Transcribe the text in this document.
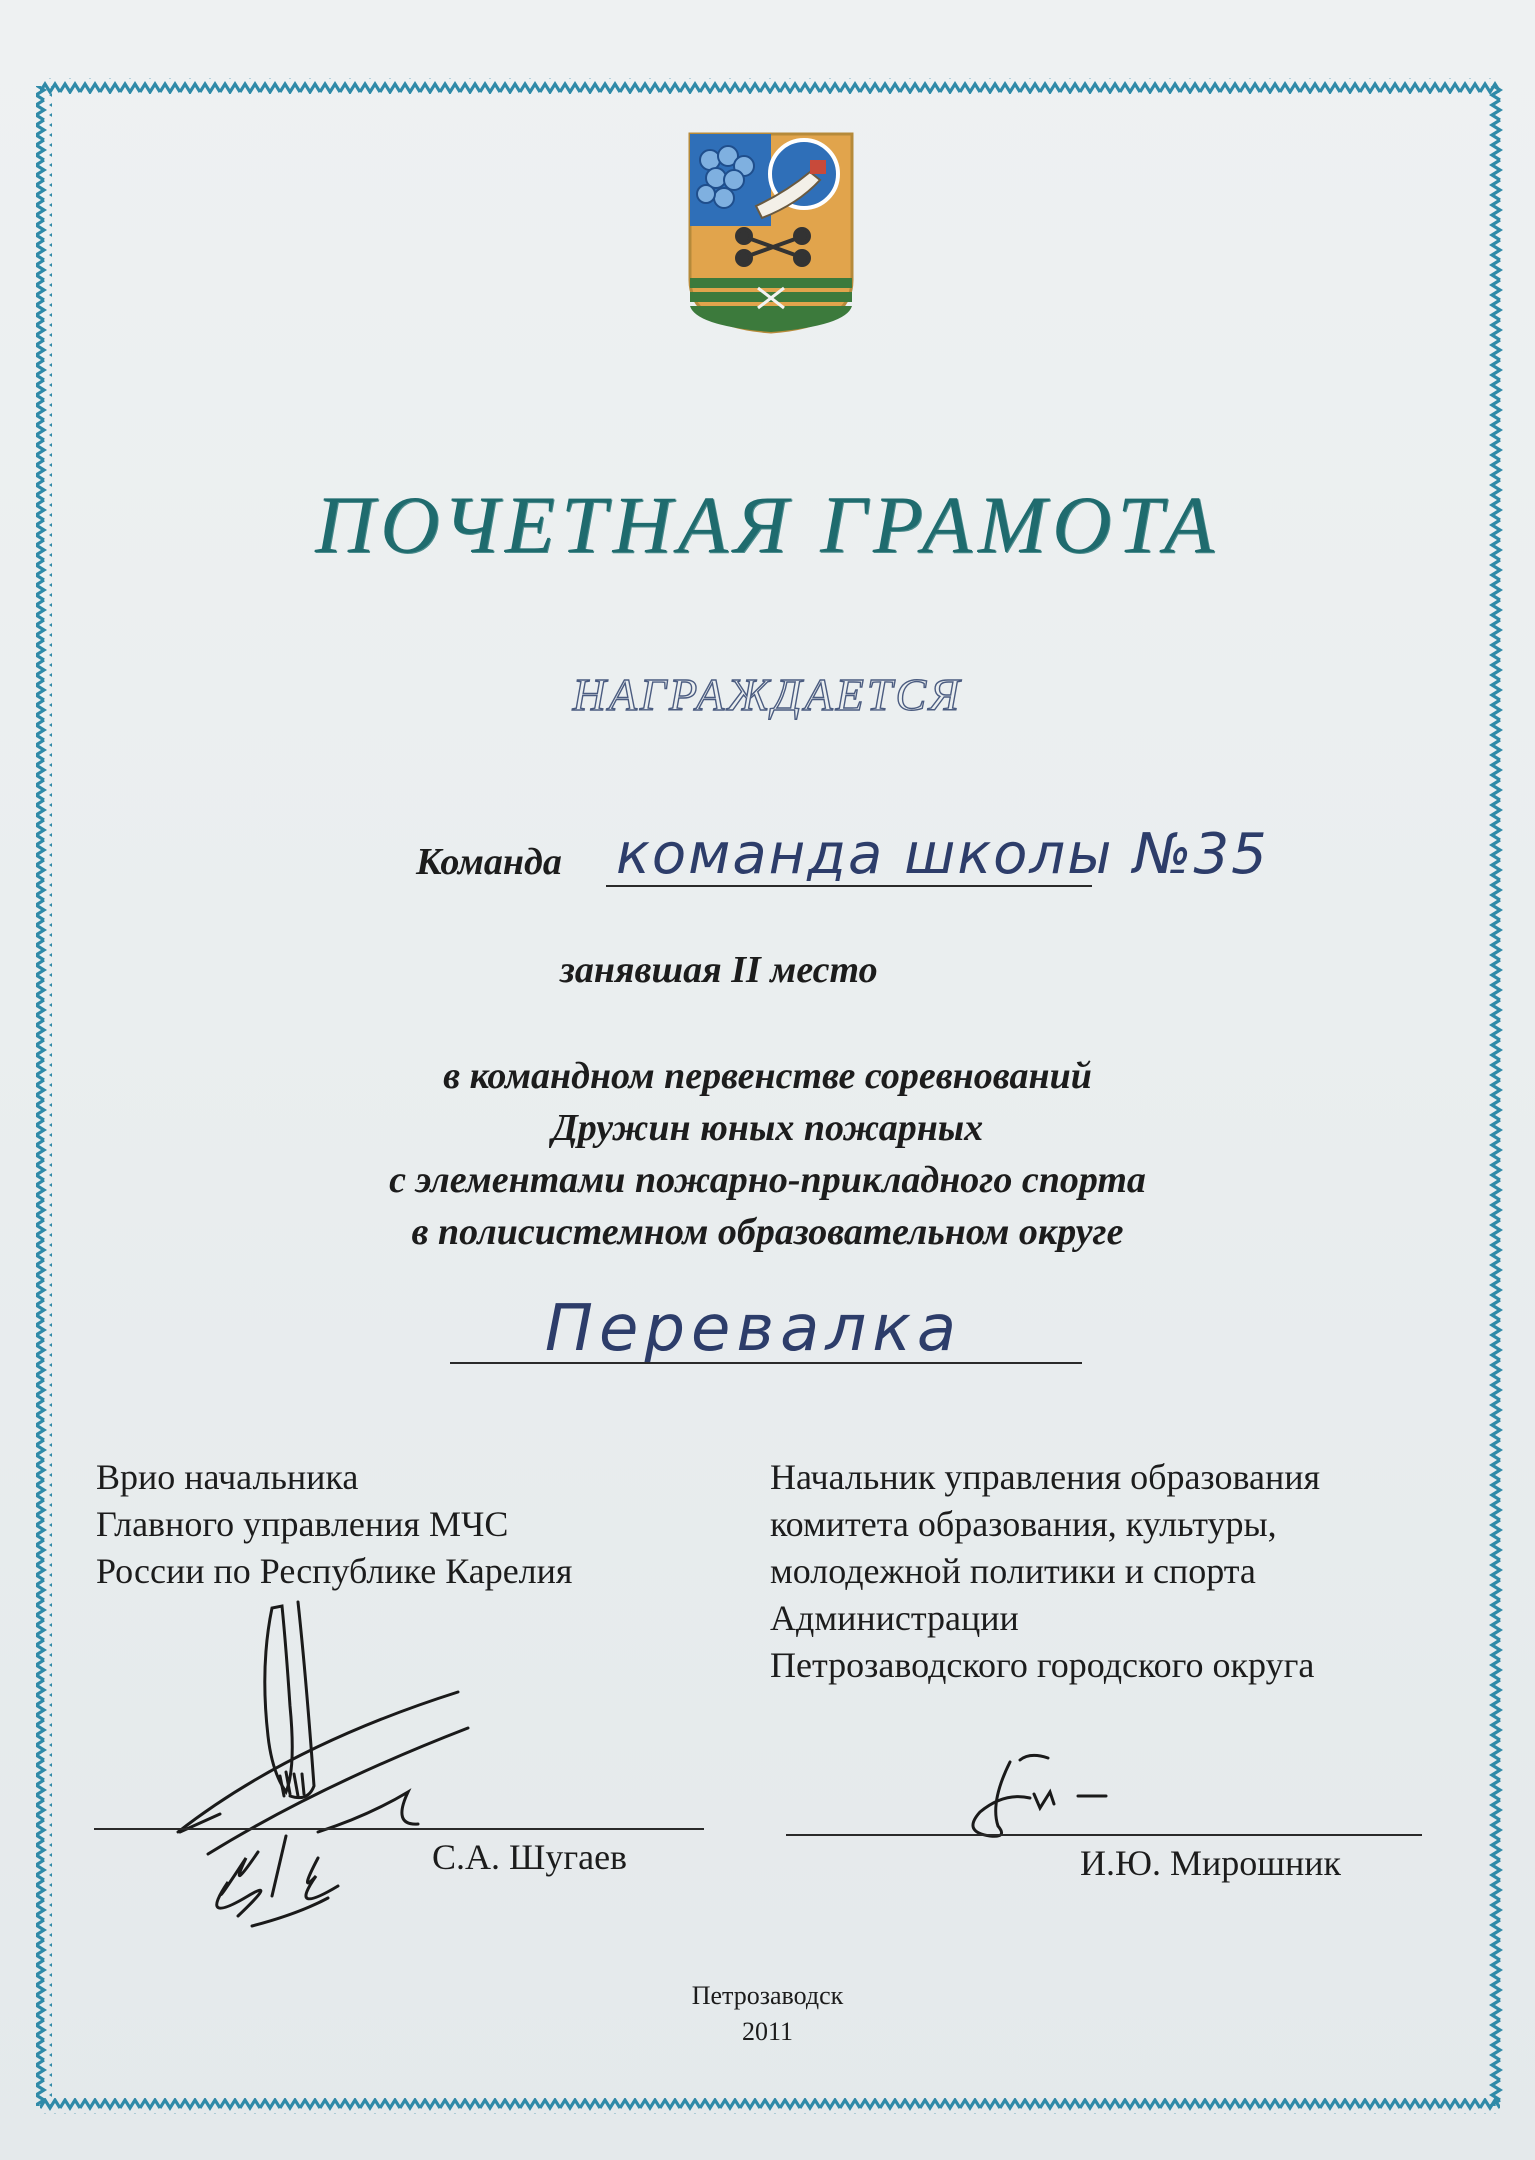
ПОЧЕТНАЯ ГРАМОТА
НАГРАЖДАЕТСЯ
Команда команда школы №35
занявшая II место
в командном первенстве соревнований
Дружин юных пожарных
с элементами пожарно-прикладного спорта
в полисистемном образовательном округе
Перевалка
Врио начальника
Главного управления МЧС
России по Республике Карелия
Начальник управления образования
комитета образования, культуры,
молодежной политики и спорта
Администрации
Петрозаводского городского округа
С.А. Шугаев	И.Ю. Мирошник
Петрозаводск
2011
